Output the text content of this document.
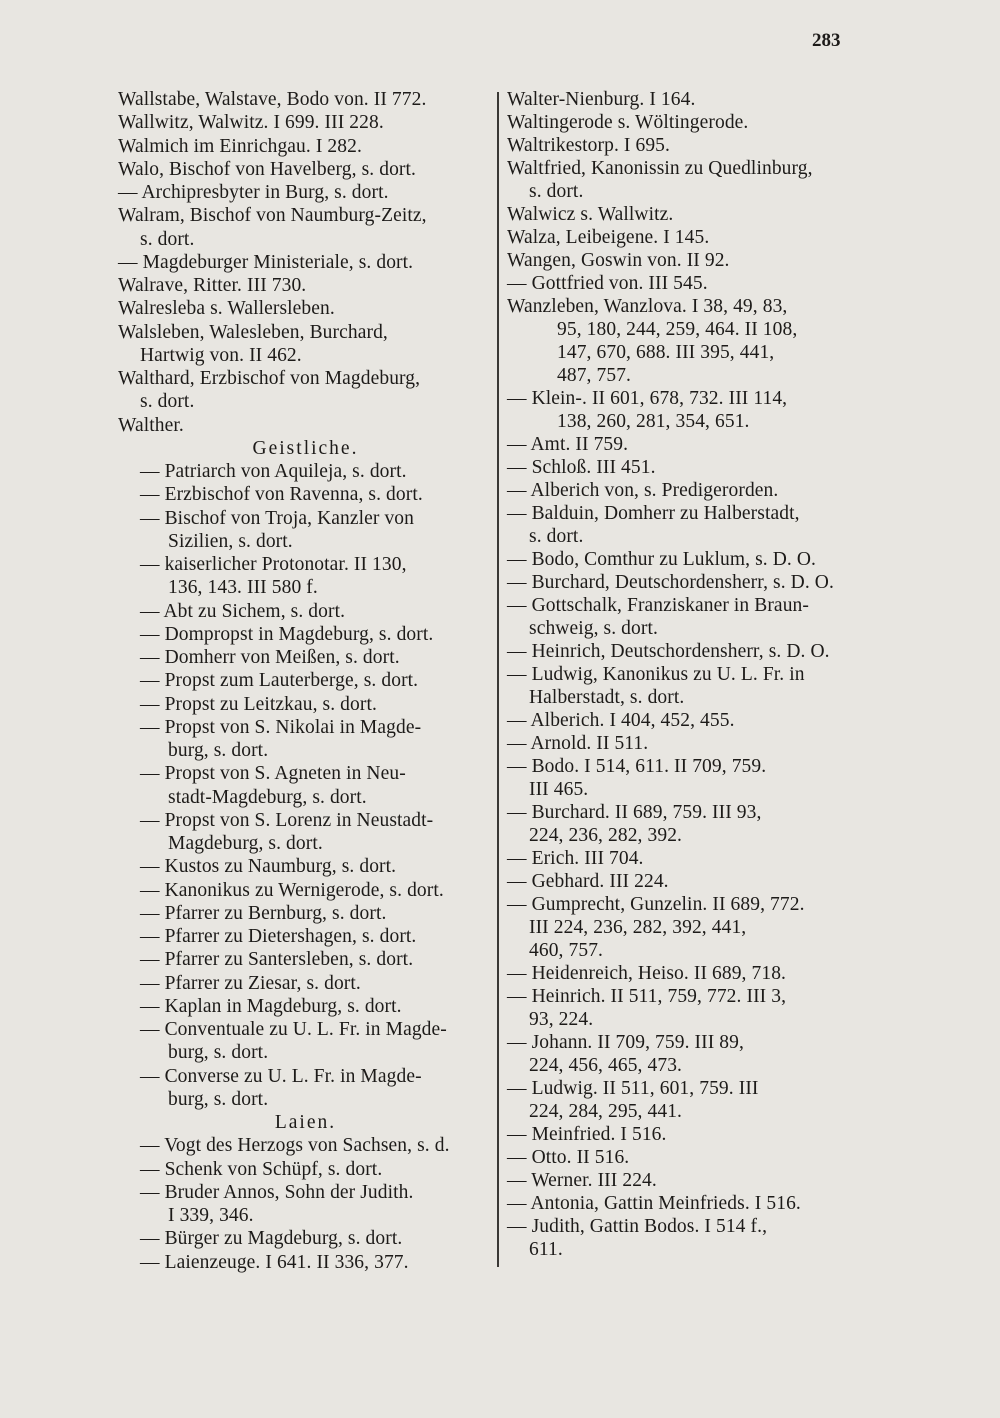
283
Wallstabe, Walstave, Bodo von. II 772.
Wallwitz, Walwitz. I 699. III 228.
Walmich im Einrichgau. I 282.
Walo, Bischof von Havelberg, s. dort.
— Archipresbyter in Burg, s. dort.
Walram, Bischof von Naumburg-Zeitz,
s. dort.
— Magdeburger Ministeriale, s. dort.
Walrave, Ritter. III 730.
Walresleba s. Wallersleben.
Walsleben, Walesleben, Burchard,
Hartwig von. II 462.
Walthard, Erzbischof von Magdeburg,
s. dort.
Walther.
Geistliche.
— Patriarch von Aquileja, s. dort.
— Erzbischof von Ravenna, s. dort.
— Bischof von Troja, Kanzler von
Sizilien, s. dort.
— kaiserlicher Protonotar. II 130,
136, 143. III 580 f.
— Abt zu Sichem, s. dort.
— Dompropst in Magdeburg, s. dort.
— Domherr von Meißen, s. dort.
— Propst zum Lauterberge, s. dort.
— Propst zu Leitzkau, s. dort.
— Propst von S. Nikolai in Magde-
burg, s. dort.
— Propst von S. Agneten in Neu-
stadt-Magdeburg, s. dort.
— Propst von S. Lorenz in Neustadt-
Magdeburg, s. dort.
— Kustos zu Naumburg, s. dort.
— Kanonikus zu Wernigerode, s. dort.
— Pfarrer zu Bernburg, s. dort.
— Pfarrer zu Dietershagen, s. dort.
— Pfarrer zu Santersleben, s. dort.
— Pfarrer zu Ziesar, s. dort.
— Kaplan in Magdeburg, s. dort.
— Conventuale zu U. L. Fr. in Magde-
burg, s. dort.
— Converse zu U. L. Fr. in Magde-
burg, s. dort.
Laien.
— Vogt des Herzogs von Sachsen, s. d.
— Schenk von Schüpf, s. dort.
— Bruder Annos, Sohn der Judith.
I 339, 346.
— Bürger zu Magdeburg, s. dort.
— Laienzeuge. I 641. II 336, 377.
Walter-Nienburg. I 164.
Waltingerode s. Wöltingerode.
Waltrikestorp. I 695.
Waltfried, Kanonissin zu Quedlinburg,
s. dort.
Walwicz s. Wallwitz.
Walza, Leibeigene. I 145.
Wangen, Goswin von. II 92.
— Gottfried von. III 545.
Wanzleben, Wanzlova. I 38, 49, 83,
95, 180, 244, 259, 464. II 108,
147, 670, 688. III 395, 441,
487, 757.
— Klein-. II 601, 678, 732. III 114,
138, 260, 281, 354, 651.
— Amt. II 759.
— Schloß. III 451.
— Alberich von, s. Predigerorden.
— Balduin, Domherr zu Halberstadt,
s. dort.
— Bodo, Comthur zu Luklum, s. D. O.
— Burchard, Deutschordensherr, s. D. O.
— Gottschalk, Franziskaner in Braun-
schweig, s. dort.
— Heinrich, Deutschordensherr, s. D. O.
— Ludwig, Kanonikus zu U. L. Fr. in
Halberstadt, s. dort.
— Alberich. I 404, 452, 455.
— Arnold. II 511.
— Bodo. I 514, 611. II 709, 759.
III 465.
— Burchard. II 689, 759. III 93,
224, 236, 282, 392.
— Erich. III 704.
— Gebhard. III 224.
— Gumprecht, Gunzelin. II 689, 772.
III 224, 236, 282, 392, 441,
460, 757.
— Heidenreich, Heiso. II 689, 718.
— Heinrich. II 511, 759, 772. III 3,
93, 224.
— Johann. II 709, 759. III 89,
224, 456, 465, 473.
— Ludwig. II 511, 601, 759. III
224, 284, 295, 441.
— Meinfried. I 516.
— Otto. II 516.
— Werner. III 224.
— Antonia, Gattin Meinfrieds. I 516.
— Judith, Gattin Bodos. I 514 f.,
611.
